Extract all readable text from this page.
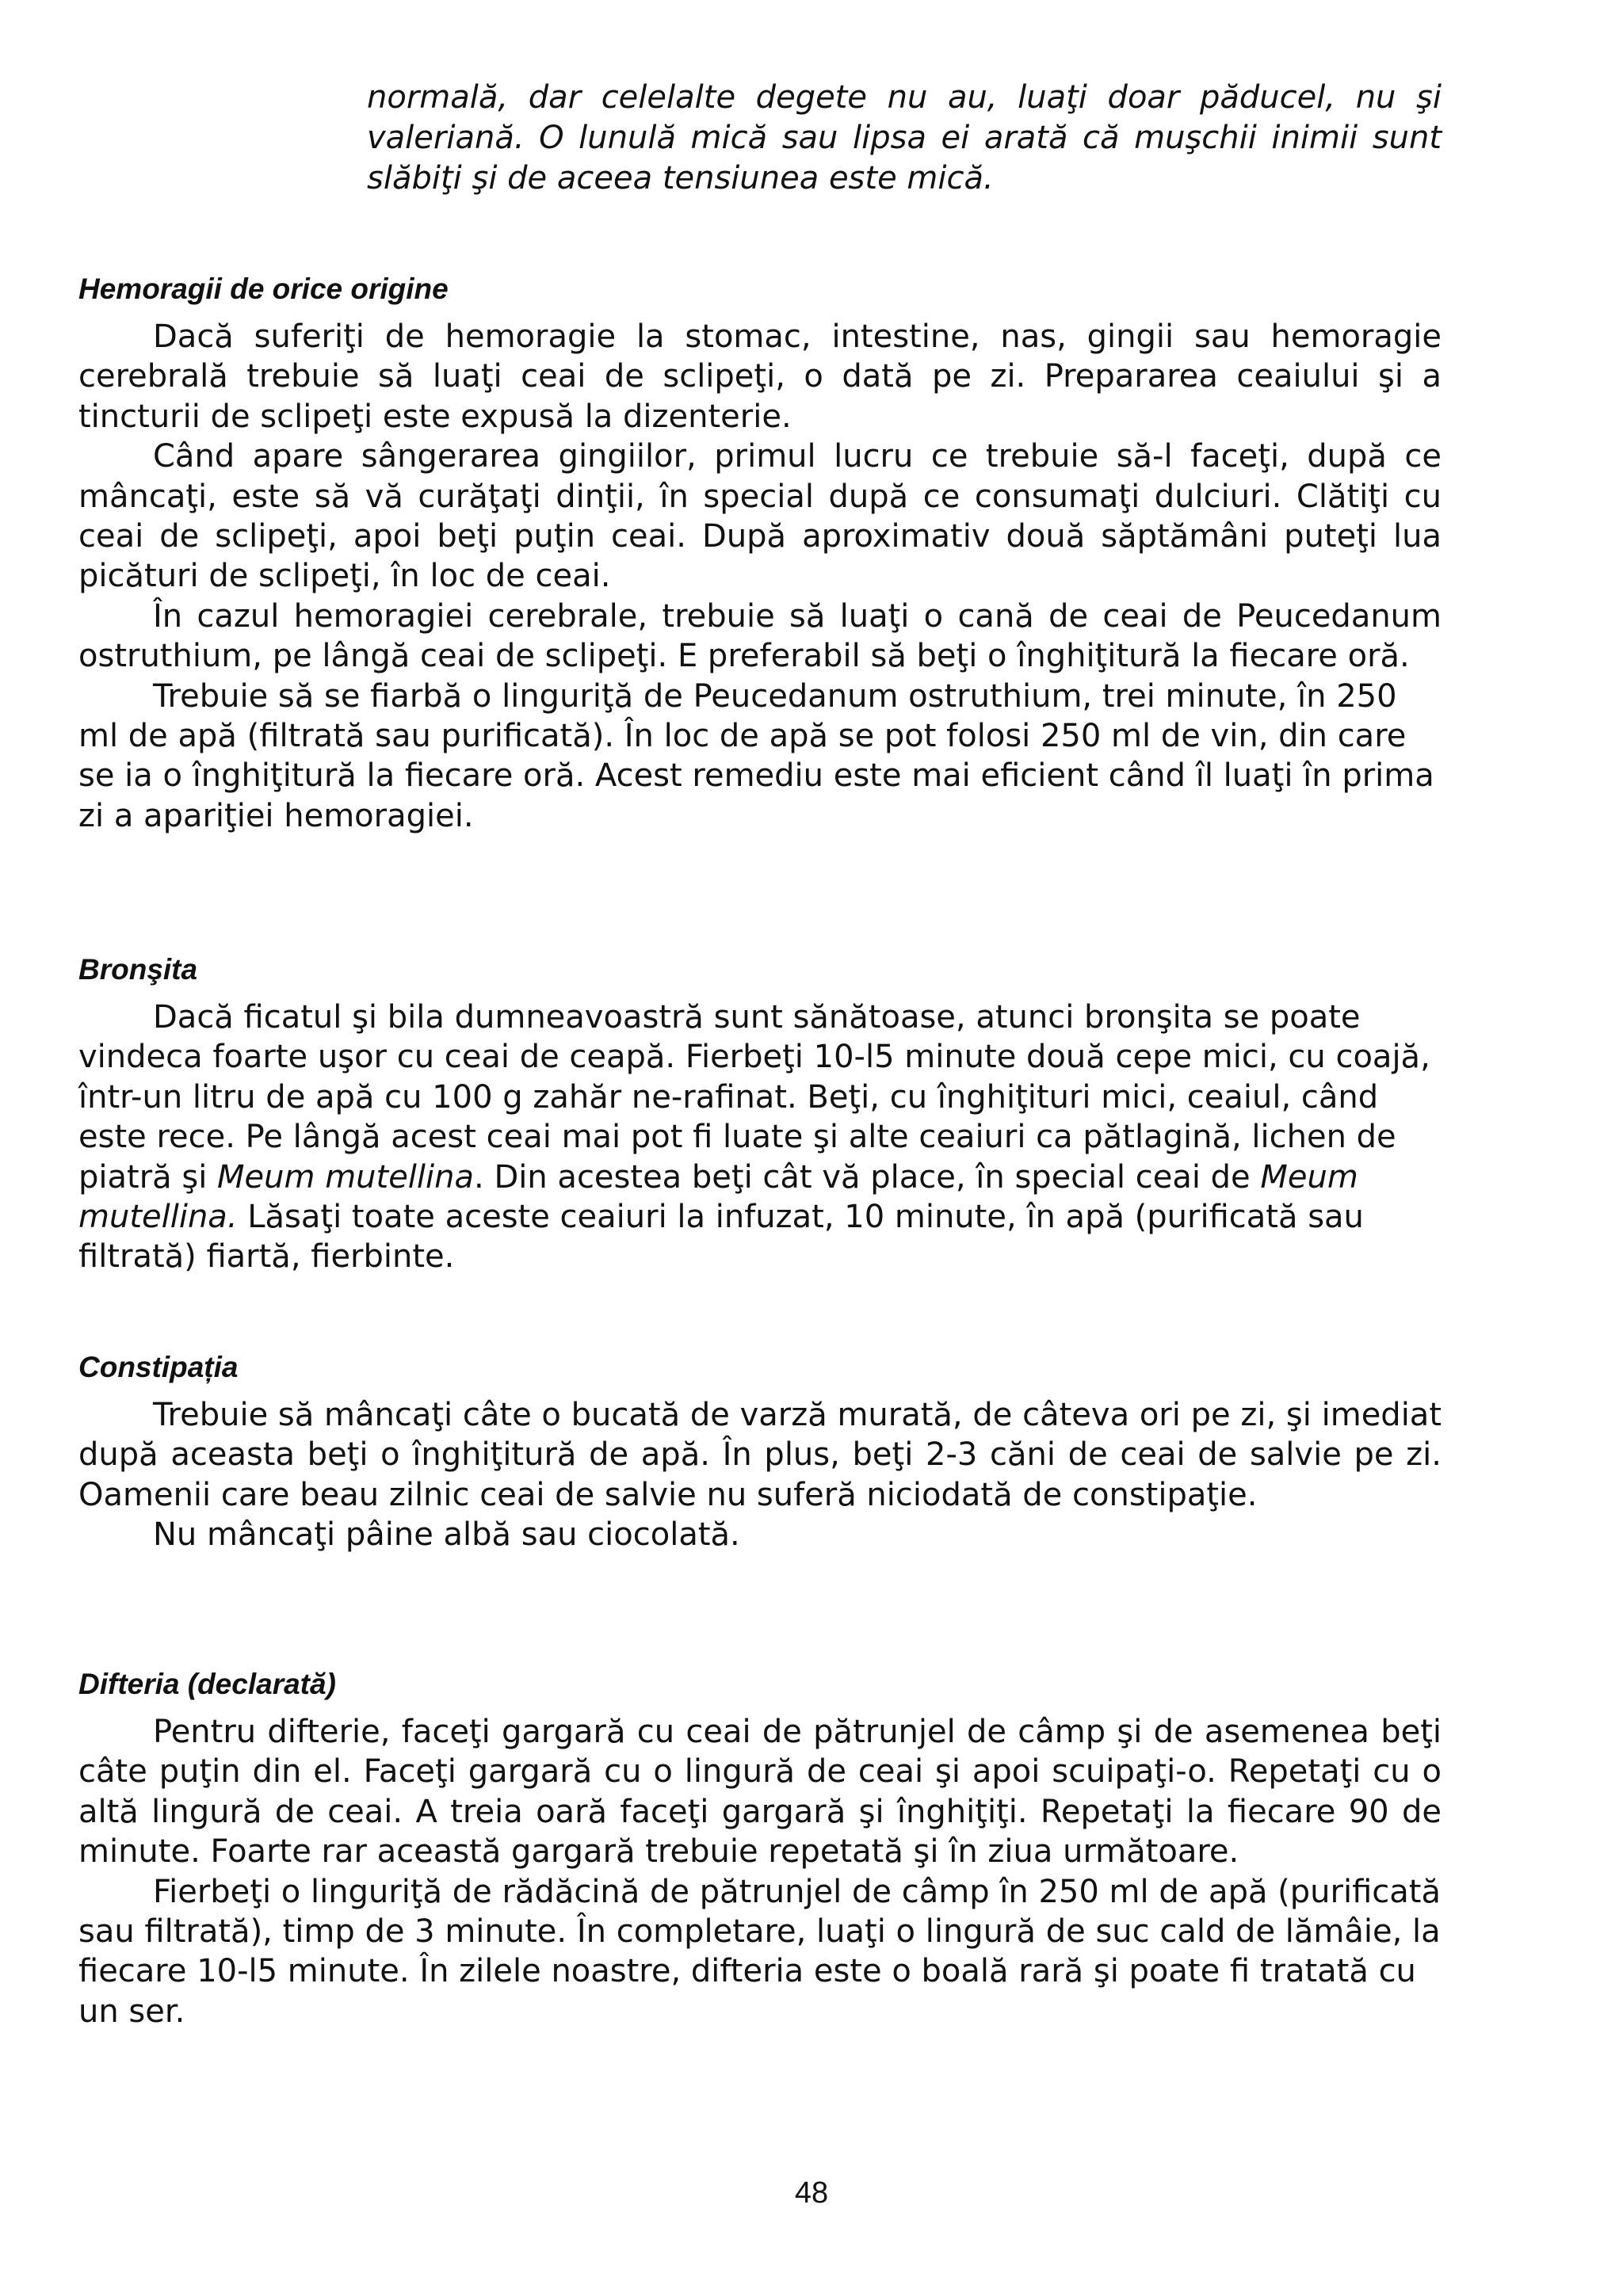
normală, dar celelalte degete nu au, luaţi doar păducel, nu şi valeriană. O lunulă mică sau lipsa ei arată că muşchii inimii sunt slăbiţi şi de aceea tensiunea este mică.

Hemoragii de orice origine

Dacă suferiţi de hemoragie la stomac, intestine, nas, gingii sau hemoragie cerebrală trebuie să luaţi ceai de sclipeţi, o dată pe zi. Prepararea ceaiului şi a tincturii de sclipeţi este expusă la dizenterie.

Când apare sângerarea gingiilor, primul lucru ce trebuie să-l faceţi, după ce mâncaţi, este să vă curăţaţi dinţii, în special după ce consumaţi dulciuri. Clătiţi cu ceai de sclipeţi, apoi beţi puţin ceai. După aproximativ două săptămâni puteţi lua picături de sclipeţi, în loc de ceai.

În cazul hemoragiei cerebrale, trebuie să luaţi o cană de ceai de Peucedanum ostruthium, pe lângă ceai de sclipeţi. E preferabil să beţi o înghiţitură la fiecare oră.

Trebuie să se fiarbă o linguriţă de Peucedanum ostruthium, trei minute, în 250 ml de apă (filtrată sau purificată). În loc de apă se pot folosi 250 ml de vin, din care se ia o înghiţitură la fiecare oră. Acest remediu este mai eficient când îl luaţi în prima zi a apariţiei hemoragiei.

Bronşita

Dacă ficatul şi bila dumneavoastră sunt sănătoase, atunci bronşita se poate vindeca foarte uşor cu ceai de ceapă. Fierbeţi 10-l5 minute două cepe mici, cu coajă, într-un litru de apă cu 100 g zahăr ne-rafinat. Beţi, cu înghiţituri mici, ceaiul, când este rece. Pe lângă acest ceai mai pot fi luate şi alte ceaiuri ca pătlagină, lichen de piatră şi Meum mutellina. Din acestea beţi cât vă place, în special ceai de Meum mutellina. Lăsaţi toate aceste ceaiuri la infuzat, 10 minute, în apă (purificată sau filtrată) fiartă, fierbinte.

Constipația

Trebuie să mâncaţi câte o bucată de varză murată, de câteva ori pe zi, şi imediat după aceasta beţi o înghiţitură de apă. În plus, beţi 2-3 căni de ceai de salvie pe zi. Oamenii care beau zilnic ceai de salvie nu suferă niciodată de constipaţie.

Nu mâncaţi pâine albă sau ciocolată.

Difteria (declarată)

Pentru difterie, faceţi gargară cu ceai de pătrunjel de câmp şi de asemenea beţi câte puţin din el. Faceţi gargară cu o lingură de ceai şi apoi scuipaţi-o. Repetaţi cu o altă lingură de ceai. A treia oară faceţi gargară şi înghiţiţi. Repetaţi la fiecare 90 de minute. Foarte rar această gargară trebuie repetată şi în ziua următoare.

Fierbeţi o linguriţă de rădăcină de pătrunjel de câmp în 250 ml de apă (purificată sau filtrată), timp de 3 minute. În completare, luaţi o lingură de suc cald de lămâie, la fiecare 10-l5 minute. În zilele noastre, difteria este o boală rară şi poate fi tratată cu un ser.

48
